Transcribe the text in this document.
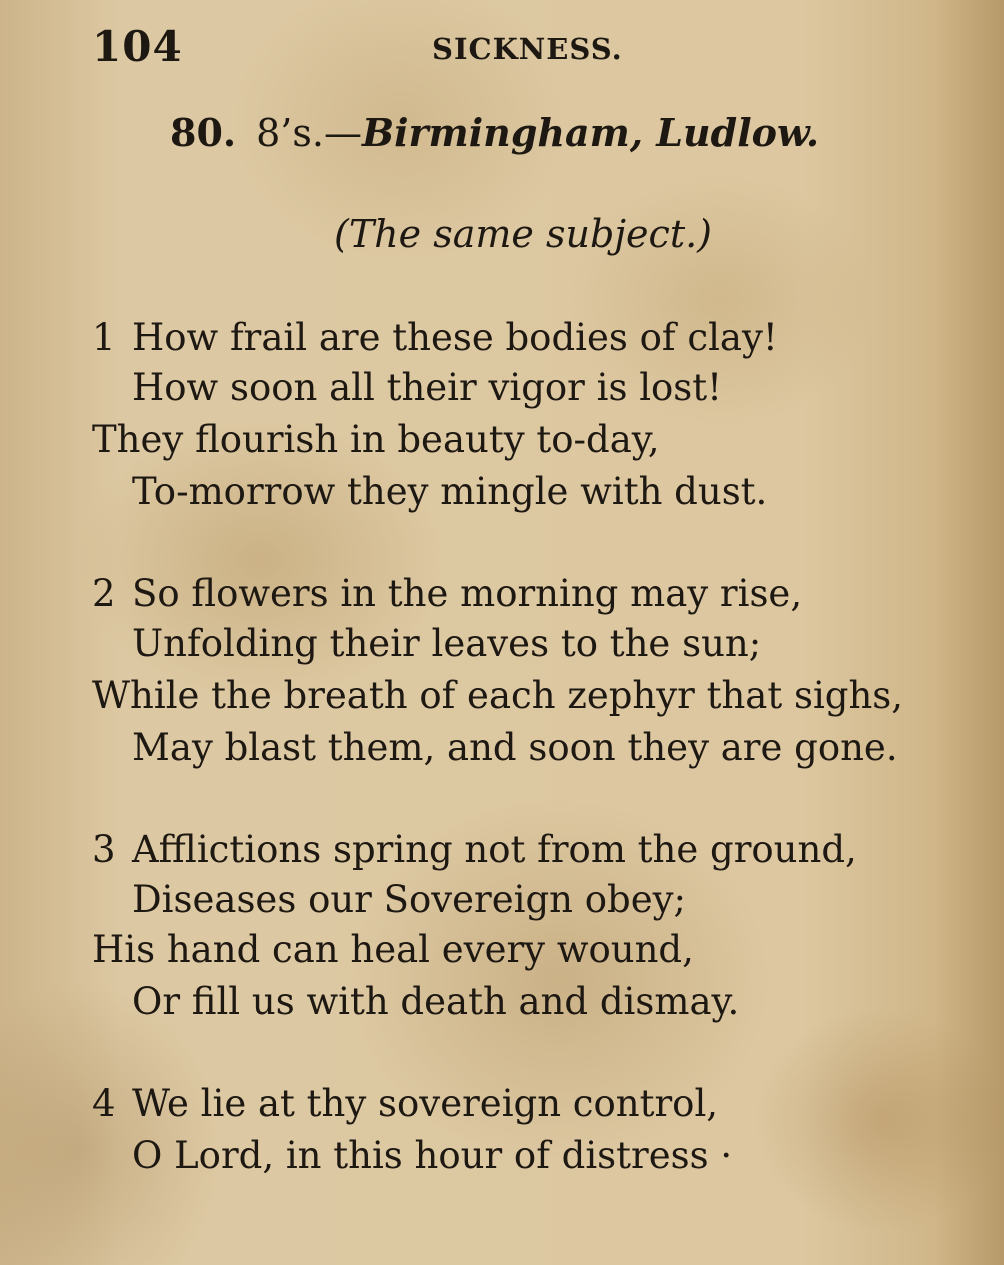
104	SICKNESS.
80. 8’s.—Birmingham, Ludlow.
(The same subject.)
1 How frail are these bodies of clay!
How soon all their vigor is lost!
They flourish in beauty to-day,
To-morrow they mingle with dust.
2 So flowers in the morning may rise,
Unfolding their leaves to the sun;
While the breath of each zephyr that sighs,
May blast them, and soon they are gone.
3 Afflictions spring not from the ground,
Diseases our Sovereign obey;
His hand can heal every wound,
Or fill us with death and dismay.
4 We lie at thy sovereign control,
O Lord, in this hour of distress ·
